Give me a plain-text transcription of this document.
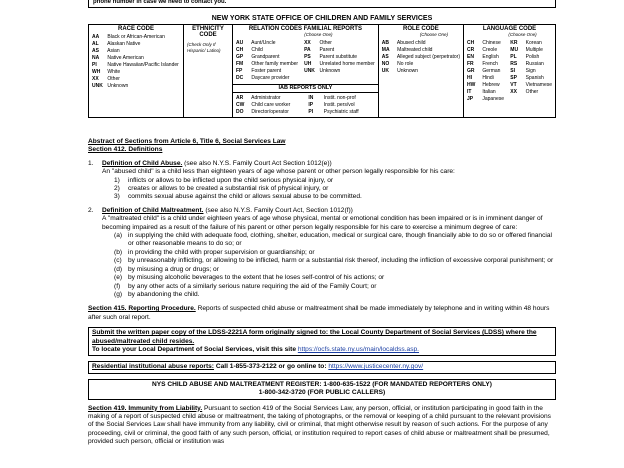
phone number in case we need to contact you.
NEW YORK STATE OFFICE OF CHILDREN AND FAMILY SERVICES
RACE CODE
AA Black or African-American
AL Alaskan Native
AS Asian
NA Native American
PI Native Hawaiian/Pacific Islander
WH White
XX Other
UNK Unknown

ETHNICITY CODE
(Check Only If Hispanic/ Latino)

RELATION CODES FAMILIAL REPORTS
(Choose One)
AU Aunt/Uncle
CH Child
GP Grandparent
FM Other family member
FP Foster parent
DC Daycare provider
XX Other
PA Parent
PS Parent substitute
UH Unrelated home member
UNK Unknown
IAB REPORTS ONLY
AR Administrator
CW Child care worker
DO Director/operator
IN Instit. non-prof
IP Instit. pers/vol
PI Psychiatric staff

ROLE CODE
(Choose One)
AB Abused child
MA Maltreated child
AS Alleged subject (perpetrator)
NO No role
UK Unknown

LANGUAGE CODE
(Choose One)
CH Chinese
CR Creole
EN English
FR French
GR German
HI Hindi
HW Hebrew
IT Italian
JP Japanese
KR Korean
MU Multiple
PL Polish
RS Russian
SI Sign
SP Spanish
VT Vietnamese
XX Other
Abstract of Sections from Article 6, Title 6, Social Services Law
Section 412. Definitions
1.	Definition of Child Abuse. (see also N.Y.S. Family Court Act Section 1012(e))
An "abused child" is a child less than eighteen years of age whose parent or other person legally responsible for his care:
1)	inflicts or allows to be inflicted upon the child serious physical injury, or
2)	creates or allows to be created a substantial risk of physical injury, or
3)	commits sexual abuse against the child or allows sexual abuse to be committed.
2.	Definition of Child Maltreatment. (see also N.Y.S. Family Court Act, Section 1012(f))
A "maltreated child" is a child under eighteen years of age whose physical, mental or emotional condition has been impaired or is in imminent danger of becoming impaired as a result of the failure of his parent or other person legally responsible for his care to exercise a minimum degree of care:
(a) in supplying the child with adequate food, clothing, shelter, education, medical or surgical care, though financially able to do so or offered financial or other reasonable means to do so; or
(b) in providing the child with proper supervision or guardianship; or
(c) by unreasonably inflicting, or allowing to be inflicted, harm or a substantial risk thereof, including the infliction of excessive corporal punishment; or
(d) by misusing a drug or drugs; or
(e) by misusing alcoholic beverages to the extent that he loses self-control of his actions; or
(f)	by any other acts of a similarly serious nature requiring the aid of the Family Court; or
(g) by abandoning the child.
Section 415. Reporting Procedure. Reports of suspected child abuse or maltreatment shall be made immediately by telephone and in writing within 48 hours after such oral report.
Submit the written paper copy of the LDSS-2221A form originally signed to: the Local County Department of Social Services (LDSS) where the abused/maltreated child resides.
To locate your Local Department of Social Services, visit this site https://ocfs.state.ny.us/main/localdss.asp.
Residential institutional abuse reports: Call 1-855-373-2122 or go online to: https://www.justicecenter.ny.gov/
NYS CHILD ABUSE AND MALTREATMENT REGISTER: 1-800-635-1522 (FOR MANDATED REPORTERS ONLY)
1-800-342-3720 (FOR PUBLIC CALLERS)
Section 419. Immunity from Liability. Pursuant to section 419 of the Social Services Law, any person, official, or institution participating in good faith in the making of a report of suspected child abuse or maltreatment, the taking of photographs, or the removal or keeping of a child pursuant to the relevant provisions of the Social Services Law shall have immunity from any liability, civil or criminal, that might otherwise result by reason of such actions. For the purpose of any proceeding, civil or criminal, the good faith of any such person, official, or institution required to report cases of child abuse or maltreatment shall be presumed, provided such person, official or institution was
